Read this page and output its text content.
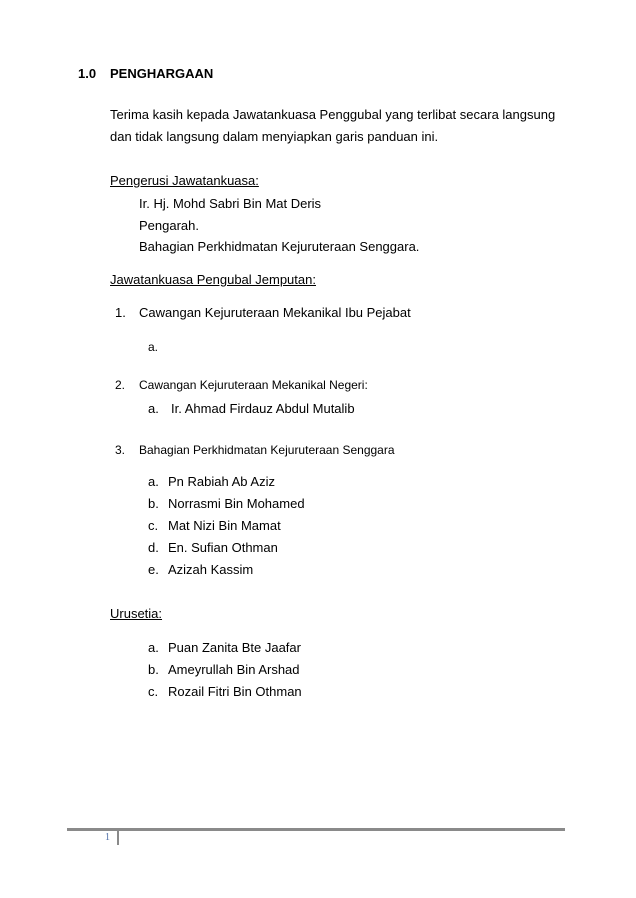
1.0 PENGHARGAAN
Terima kasih kepada Jawatankuasa Penggubal yang terlibat secara langsung
dan tidak langsung dalam menyiapkan garis panduan ini.
Pengerusi Jawatankuasa:
Ir. Hj. Mohd Sabri Bin Mat Deris
Pengarah.
Bahagian Perkhidmatan Kejuruteraan Senggara.
Jawatankuasa Pengubal Jemputan:
1. Cawangan Kejuruteraan Mekanikal Ibu Pejabat
a.
2. Cawangan Kejuruteraan Mekanikal Negeri:
a. Ir. Ahmad Firdauz Abdul Mutalib
3. Bahagian Perkhidmatan Kejuruteraan Senggara
a. Pn Rabiah Ab Aziz
b. Norrasmi Bin Mohamed
c. Mat Nizi Bin Mamat
d. En. Sufian Othman
e. Azizah Kassim
Urusetia:
a. Puan Zanita Bte Jaafar
b. Ameyrullah Bin Arshad
c. Rozail Fitri Bin Othman
1
